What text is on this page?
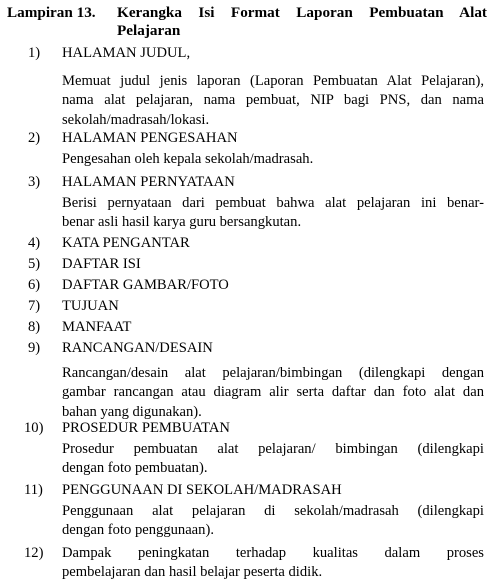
Lampiran 13. Kerangka Isi Format Laporan Pembuatan Alat
Pelajaran
1)	HALAMAN JUDUL,
Memuat judul jenis laporan (Laporan Pembuatan Alat Pelajaran),
nama alat pelajaran, nama pembuat, NIP bagi PNS, dan nama
sekolah/madrasah/lokasi.
2)	HALAMAN PENGESAHAN
Pengesahan oleh kepala sekolah/madrasah.
3)	HALAMAN PERNYATAAN
Berisi pernyataan dari pembuat bahwa alat pelajaran ini benar-
benar asli hasil karya guru bersangkutan.
4)	KATA PENGANTAR
5)	DAFTAR ISI
6)	DAFTAR GAMBAR/FOTO
7)	TUJUAN
8)	MANFAAT
9)	RANCANGAN/DESAIN
Rancangan/desain alat pelajaran/bimbingan (dilengkapi dengan
gambar rancangan atau diagram alir serta daftar dan foto alat dan
bahan yang digunakan).
10)	PROSEDUR PEMBUATAN
Prosedur pembuatan alat pelajaran/ bimbingan (dilengkapi
dengan foto pembuatan).
11)	PENGGUNAAN DI SEKOLAH/MADRASAH
Penggunaan alat pelajaran di sekolah/madrasah (dilengkapi
dengan foto penggunaan).
12)	Dampak peningkatan terhadap kualitas dalam proses
pembelajaran dan hasil belajar peserta didik.
